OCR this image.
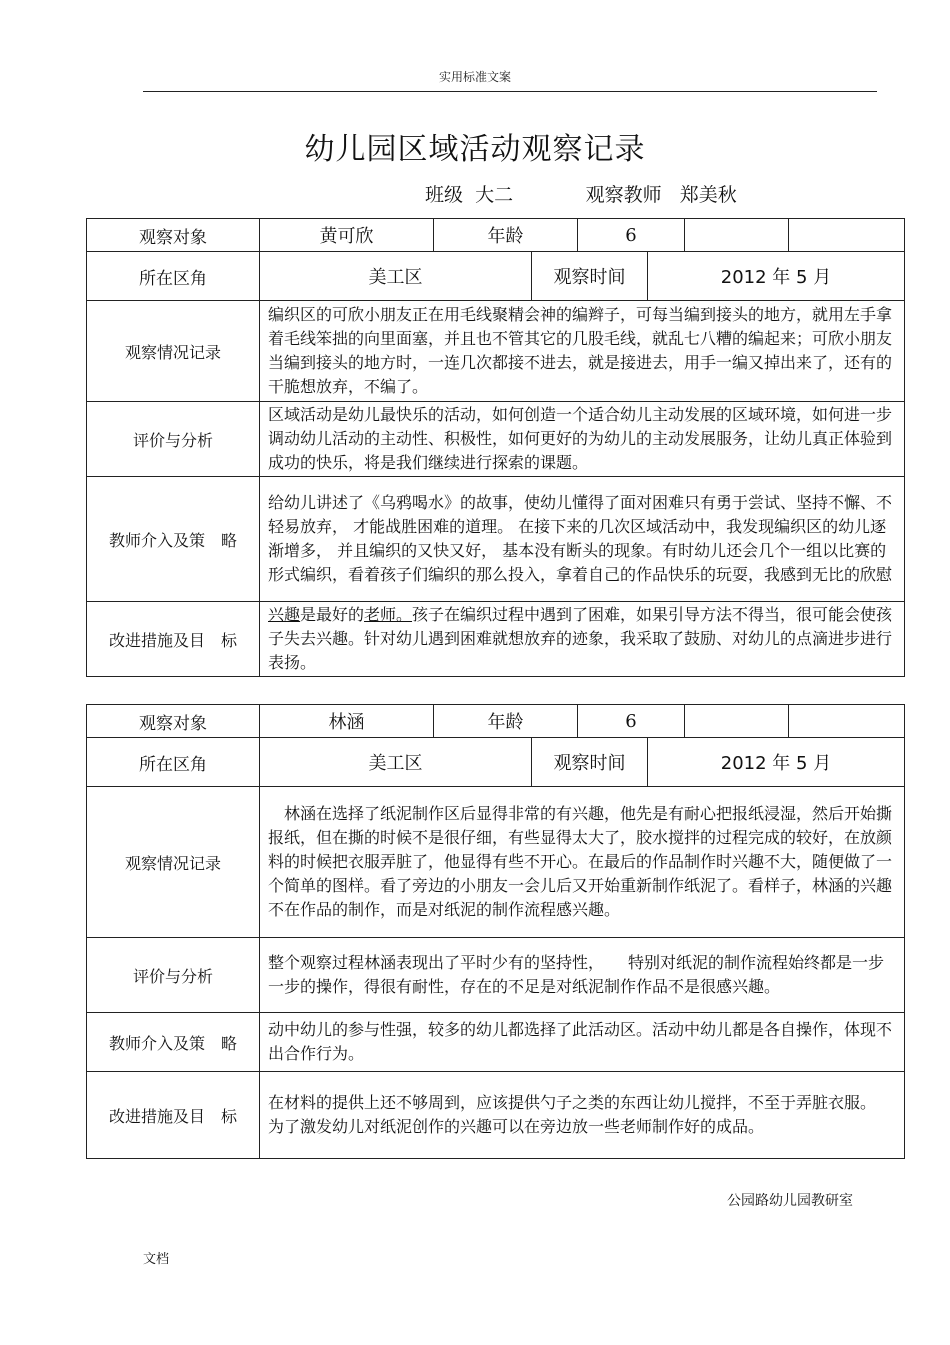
实用标准文案
幼儿园区域活动观察记录
班级 大二	观察教师 郑美秋
观察对象	黄可欣	年龄		6			
所在区角	美工区		观察时间		2012 年 5 月		
观察情况记录	编织区的可欣小朋友正在用毛线聚精会神的编辫子，可每当编到接头的地方，就用左手拿着毛线笨拙的向里面塞，并且也不管其它的几股毛线，就乱七八糟的编起来；可欣小朋友当编到接头的地方时，一连几次都接不进去，就是接进去，用手一编又掉出来了，还有的干脆想放弃，不编了。						
评价与分析	区域活动是幼儿最快乐的活动，如何创造一个适合幼儿主动发展的区域环境，如何进一步调动幼儿活动的主动性、积极性，如何更好的为幼儿的主动发展服务，让幼儿真正体验到成功的快乐，将是我们继续进行探索的课题。						
教师介入及策　略	给幼儿讲述了《乌鸦喝水》的故事，使幼儿懂得了面对困难只有勇于尝试、坚持不懈、不轻易放弃， 才能战胜困难的道理。 在接下来的几次区域活动中，我发现编织区的幼儿逐渐增多， 并且编织的又快又好， 基本没有断头的现象。有时幼儿还会几个一组以比赛的形式编织，看着孩子们编织的那么投入，拿着自己的作品快乐的玩耍，我感到无比的欣慰						
改进措施及目　标	兴趣是最好的老师。孩子在编织过程中遇到了困难，如果引导方法不得当，很可能会使孩子失去兴趣。针对幼儿遇到困难就想放弃的迹象，我采取了鼓励、对幼儿的点滴进步进行表扬。						
观察对象	林涵	年龄		6			
所在区角	美工区		观察时间		2012 年 5 月		
观察情况记录	　林涵在选择了纸泥制作区后显得非常的有兴趣，他先是有耐心把报纸浸湿，然后开始撕报纸，但在撕的时候不是很仔细，有些显得太大了，胶水搅拌的过程完成的较好，在放颜料的时候把衣服弄脏了，他显得有些不开心。在最后的作品制作时兴趣不大，随便做了一个简单的图样。看了旁边的小朋友一会儿后又开始重新制作纸泥了。看样子，林涵的兴趣不在作品的制作，而是对纸泥的制作流程感兴趣。						
评价与分析	整个观察过程林涵表现出了平时少有的坚持性，　　特别对纸泥的制作流程始终都是一步一步的操作，得很有耐性，存在的不足是对纸泥制作作品不是很感兴趣。						
教师介入及策　略	动中幼儿的参与性强，较多的幼儿都选择了此活动区。活动中幼儿都是各自操作，体现不出合作行为。						
改进措施及目　标	在材料的提供上还不够周到，应该提供勺子之类的东西让幼儿搅拌，不至于弄脏衣服。 为了激发幼儿对纸泥创作的兴趣可以在旁边放一些老师制作好的成品。						
公园路幼儿园教研室
文档
